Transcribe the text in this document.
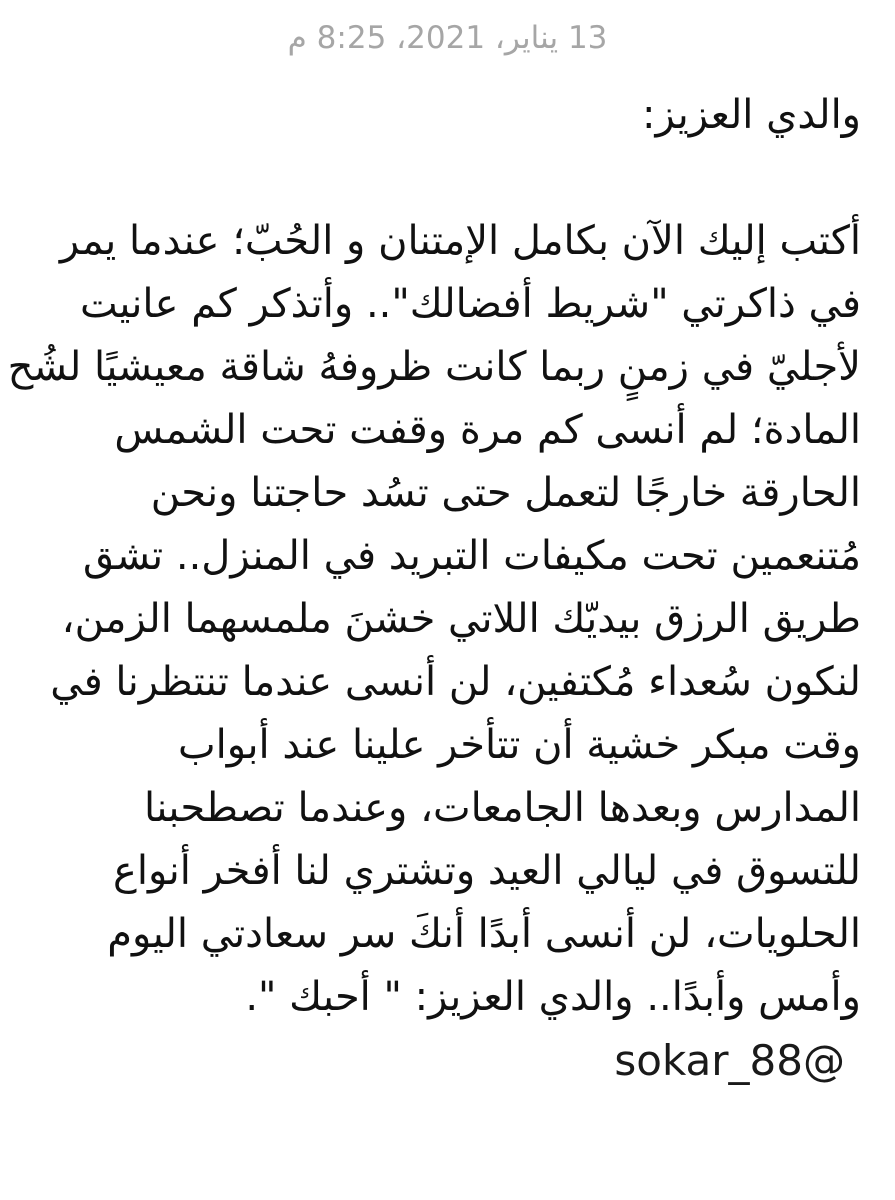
13 يناير، 2021، 8:25 م
والدي العزيز:
أكتب إليك الآن بكامل الإمتنان و الحُبّ؛ عندما يمر
في ذاكرتي "شريط أفضالك".. وأتذكر كم عانيت
لأجليّ في زمنٍ ربما كانت ظروفهُ شاقة معيشيًا لشُح
المادة؛ لم أنسى كم مرة وقفت تحت الشمس
الحارقة خارجًا لتعمل حتى تسُد حاجتنا ونحن
مُتنعمين تحت مكيفات التبريد في المنزل.. تشق
طريق الرزق بيديّك اللاتي خشنَ ملمسهما الزمن،
لنكون سُعداء مُكتفين، لن أنسى عندما تنتظرنا في
وقت مبكر خشية أن تتأخر علينا عند أبواب
المدارس وبعدها الجامعات، وعندما تصطحبنا
للتسوق في ليالي العيد وتشتري لنا أفخر أنواع
الحلويات، لن أنسى أبدًا أنكَ سر سعادتي اليوم
وأمس وأبدًا.. والدي العزيز: " أحبك ".
sokar_88@
